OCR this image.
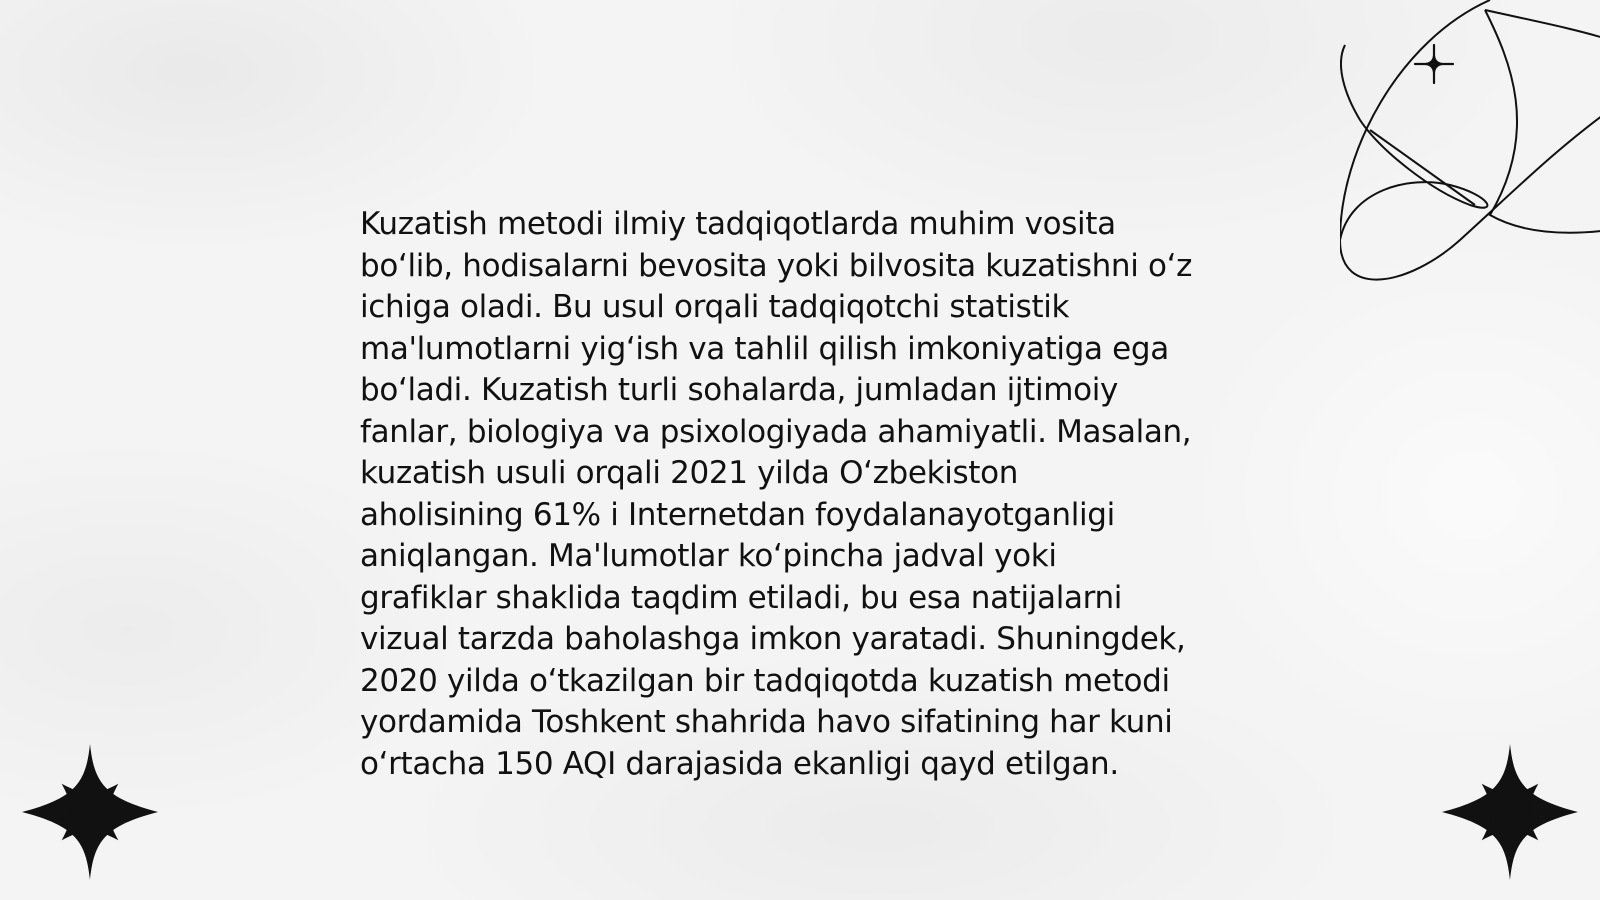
Kuzatish metodi ilmiy tadqiqotlarda muhim vosita
bo‘lib, hodisalarni bevosita yoki bilvosita kuzatishni o‘z
ichiga oladi. Bu usul orqali tadqiqotchi statistik
ma'lumotlarni yig‘ish va tahlil qilish imkoniyatiga ega
bo‘ladi. Kuzatish turli sohalarda, jumladan ijtimoiy
fanlar, biologiya va psixologiyada ahamiyatli. Masalan,
kuzatish usuli orqali 2021 yilda O‘zbekiston
aholisining 61% i Internetdan foydalanayotganligi
aniqlangan. Ma'lumotlar ko‘pincha jadval yoki
grafiklar shaklida taqdim etiladi, bu esa natijalarni
vizual tarzda baholashga imkon yaratadi. Shuningdek,
2020 yilda o‘tkazilgan bir tadqiqotda kuzatish metodi
yordamida Toshkent shahrida havo sifatining har kuni
o‘rtacha 150 AQI darajasida ekanligi qayd etilgan.
